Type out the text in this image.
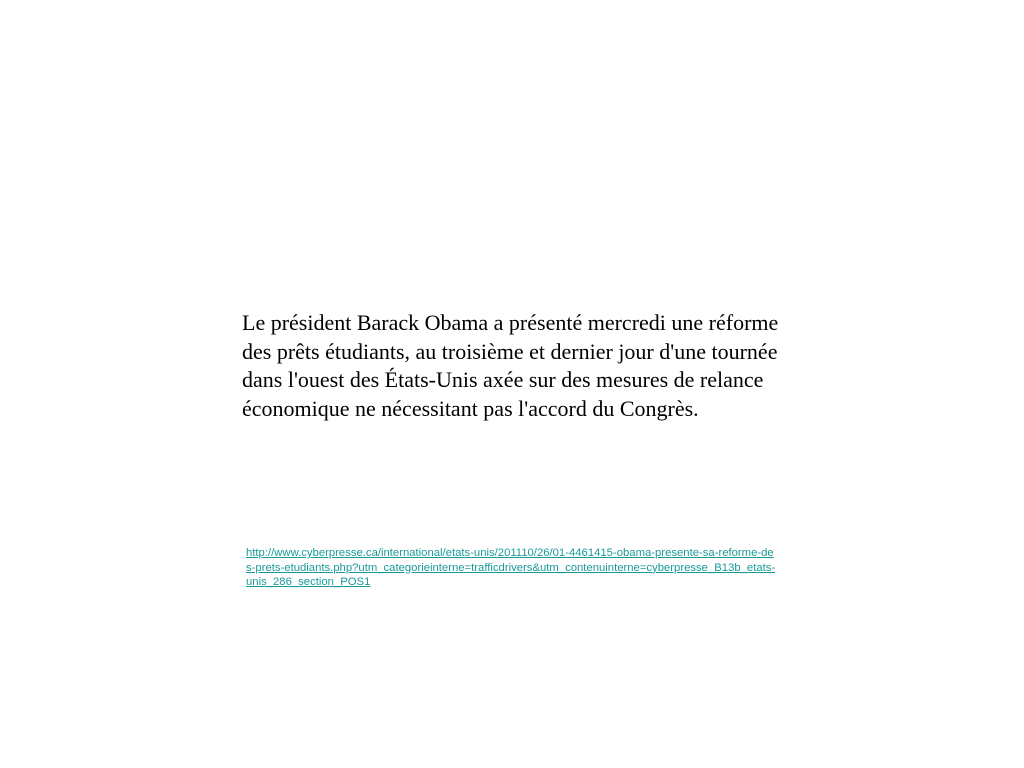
Le président Barack Obama a présenté mercredi une réforme des prêts étudiants, au troisième et dernier jour d'une tournée dans l'ouest des États-Unis axée sur des mesures de relance économique ne nécessitant pas l'accord du Congrès.

http://www.cyberpresse.ca/international/etats-unis/201110/26/01-4461415-obama-presente-sa-reforme-des-prets-etudiants.php?utm_categorieinterne=trafficdrivers&utm_contenuinterne=cyberpresse_B13b_etats-unis_286_section_POS1
